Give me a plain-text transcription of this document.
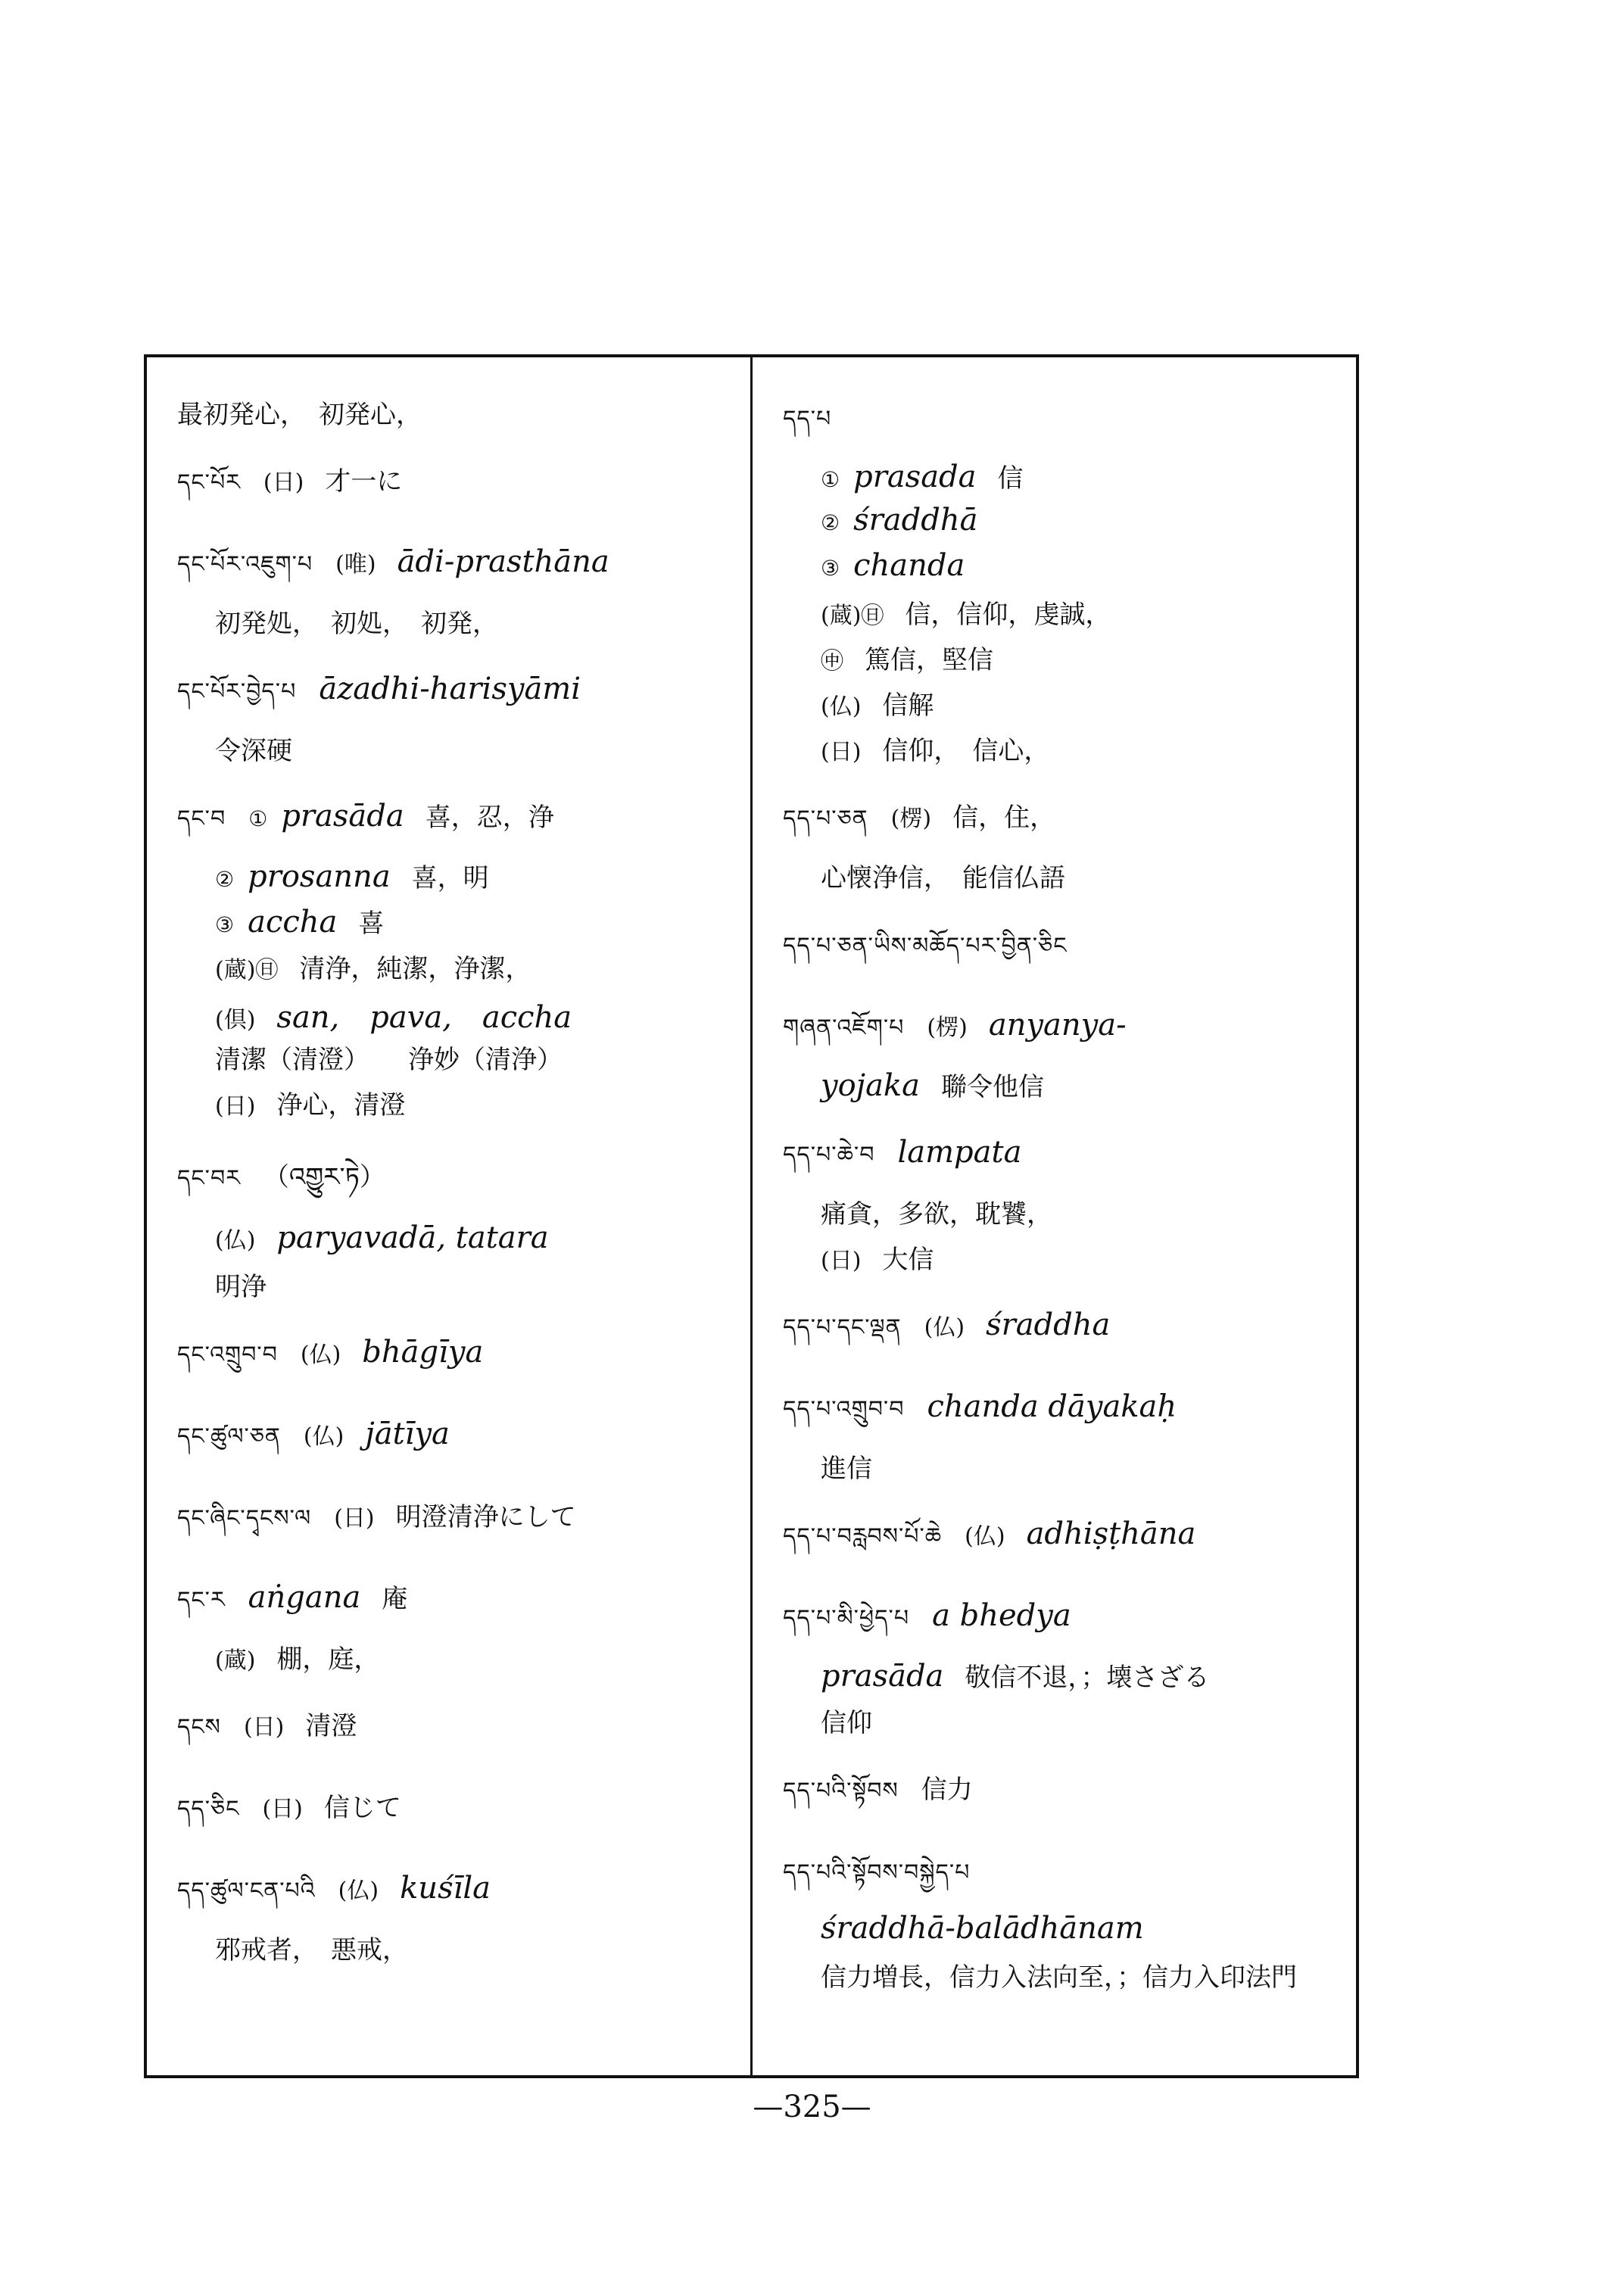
最初発心，　初発心，
དང་པོར (日) 才一に
དང་པོར་འཇུག་པ (唯) ādi-prasthāna
初発処，　初処，　初発，
དང་པོར་བྱེད་པ āzadhi-harisyāmi
令深硬
དང་བ ① prasāda 喜，忍，浄
② prosanna 喜，明
③ accha 喜
(蔵)㊐ 清浄，純潔，浄潔，
(倶) san,　pava,　accha
清潔（清澄）　　浄妙（清浄）
(日) 浄心，清澄
དང་བར （འགྱུར་ཏེ）
(仏) paryavadā, tatara
明浄
དང་འགྲུབ་བ (仏) bhāgīya
དང་ཚུལ་ཅན (仏) jātīya
དང་ཞིང་དྭངས་ལ (日) 明澄清浄にして
དང་ར aṅgana 庵
(蔵) 棚，庭，
དངས (日) 清澄
དད་ཅིང (日) 信じて
དད་ཚུལ་ངན་པའི (仏) kuśīla
邪戒者，　悪戒，
དད་པ
① prasada 信
② śraddhā
③ chanda
(蔵)㊐ 信，信仰，虔誠，
㊥ 篤信，堅信
(仏) 信解
(日) 信仰，　信心，
དད་པ་ཅན (楞) 信，住，
心懐浄信，　能信仏語
དད་པ་ཅན་ཡིས་མཆོད་པར་བྱིན་ཅིང
གཞན་འཇོག་པ (楞) anyanya-
yojaka 聯令他信
དད་པ་ཆེ་བ lampata
痛貪，多欲，耽饕，
(日) 大信
དད་པ་དང་ལྡན (仏) śraddha
དད་པ་འགྲུབ་བ chanda dāyakaḥ
進信
དད་པ་བརླབས་པོ་ཆེ (仏) adhiṣṭhāna
དད་པ་མི་ཕྱེད་པ a bhedya
prasāda 敬信不退，；壊さざる
信仰
དད་པའི་སྟོབས 信力
དད་པའི་སྟོབས་བསྐྱེད་པ
śraddhā-balādhānam
信力増長，信力入法向至，；信力入印法門
—325—
